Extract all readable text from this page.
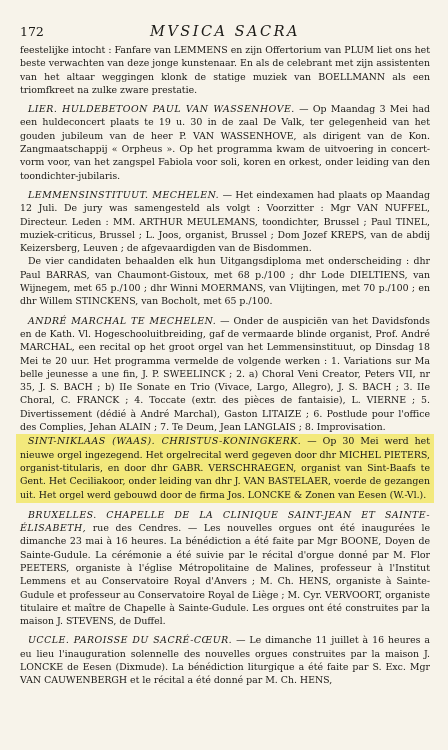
172	MVSICA SACRA

feestelijke intocht : Fanfare van LEMMENS en zijn Offertorium van PLUM liet ons het beste verwachten van deze jonge kunstenaar. En als de celebrant met zijn assistenten van het altaar weggingen klonk de statige muziek van BOELLMANN als een triomfkreet na zulke zware prestatie.

LIER. HULDEBETOON PAUL VAN WASSENHOVE. — Op Maandag 3 Mei had een huldeconcert plaats te 19 u. 30 in de zaal De Valk, ter gelegenheid van het gouden jubileum van de heer P. VAN WASSENHOVE, als dirigent van de Kon. Zangmaatschappij « Orpheus ». Op het programma kwam de uitvoering in concert-vorm voor, van het zangspel Fabiola voor soli, koren en orkest, onder leiding van den toondichter-jubilaris.

LEMMENSINSTITUUT. MECHELEN. — Het eindexamen had plaats op Maandag 12 Juli. De jury was samengesteld als volgt : Voorzitter : Mgr VAN NUFFEL, Directeur. Leden : MM. ARTHUR MEULEMANS, toondichter, Brussel ; Paul TINEL, muziek-criticus, Brussel ; L. Joos, organist, Brussel ; Dom Jozef KREPS, van de abdij Keizersberg, Leuven ; de afgevaardigden van de Bisdommen.

De vier candidaten behaalden elk hun Uitgangsdiploma met onderscheiding : dhr Paul BARRAS, van Chaumont-Gistoux, met 68 p./100 ; dhr Lode DIELTIENS, van Wijnegem, met 65 p./100 ; dhr Winni MOERMANS, van Vlijtingen, met 70 p./100 ; en dhr Willem STINCKENS, van Bocholt, met 65 p./100.

ANDRÉ MARCHAL TE MECHELEN. — Onder de auspiciën van het Davidsfonds en de Kath. Vl. Hogeschooluitbreiding, gaf de vermaarde blinde organist, Prof. André MARCHAL, een recital op het groot orgel van het Lemmensinstituut, op Dinsdag 18 Mei te 20 uur. Het programma vermelde de volgende werken : 1. Variations sur Ma belle jeunesse a une fin, J. P. SWEELINCK ; 2. a) Choral Veni Creator, Peters VII, nr 35, J. S. BACH ; b) IIe Sonate en Trio (Vivace, Largo, Allegro), J. S. BACH ; 3. IIe Choral, C. FRANCK ; 4. Toccate (extr. des pièces de fantaisie), L. VIERNE ; 5. Divertissement (dédié à André Marchal), Gaston LITAIZE ; 6. Postlude pour l'office des Complies, Jehan ALAIN ; 7. Te Deum, Jean LANGLAIS ; 8. Improvisation.

SINT-NIKLAAS (WAAS). CHRISTUS-KONINGKERK. — Op 30 Mei werd het nieuwe orgel ingezegend. Het orgelrecital werd gegeven door dhr MICHEL PIETERS, organist-titularis, en door dhr GABR. VERSCHRAEGEN, organist van Sint-Baafs te Gent. Het Ceciliakoor, onder leiding van dhr J. VAN BASTELAER, voerde de gezangen uit. Het orgel werd gebouwd door de firma Jos. LONCKE & Zonen van Eesen (W.-Vl.).

BRUXELLES. CHAPELLE DE LA CLINIQUE SAINT-JEAN ET SAINTE-ÉLISABETH, rue des Cendres. — Les nouvelles orgues ont été inaugurées le dimanche 23 mai à 16 heures. La bénédiction a été faite par Mgr BOONE, Doyen de Sainte-Gudule. La cérémonie a été suivie par le récital d'orgue donné par M. Flor PEETERS, organiste à l'église Métropolitaine de Malines, professeur à l'Institut Lemmens et au Conservatoire Royal d'Anvers ; M. Ch. HENS, organiste à Sainte-Gudule et professeur au Conservatoire Royal de Liège ; M. Cyr. VERVOORT, organiste titulaire et maître de Chapelle à Sainte-Gudule. Les orgues ont été construites par la maison J. STEVENS, de Duffel.

UCCLE. PAROISSE DU SACRÉ-CŒUR. — Le dimanche 11 juillet à 16 heures a eu lieu l'inauguration solennelle des nouvelles orgues construites par la maison J. LONCKE de Eesen (Dixmude). La bénédiction liturgique a été faite par S. Exc. Mgr VAN CAUWENBERGH et le récital a été donné par M. Ch. HENS,
